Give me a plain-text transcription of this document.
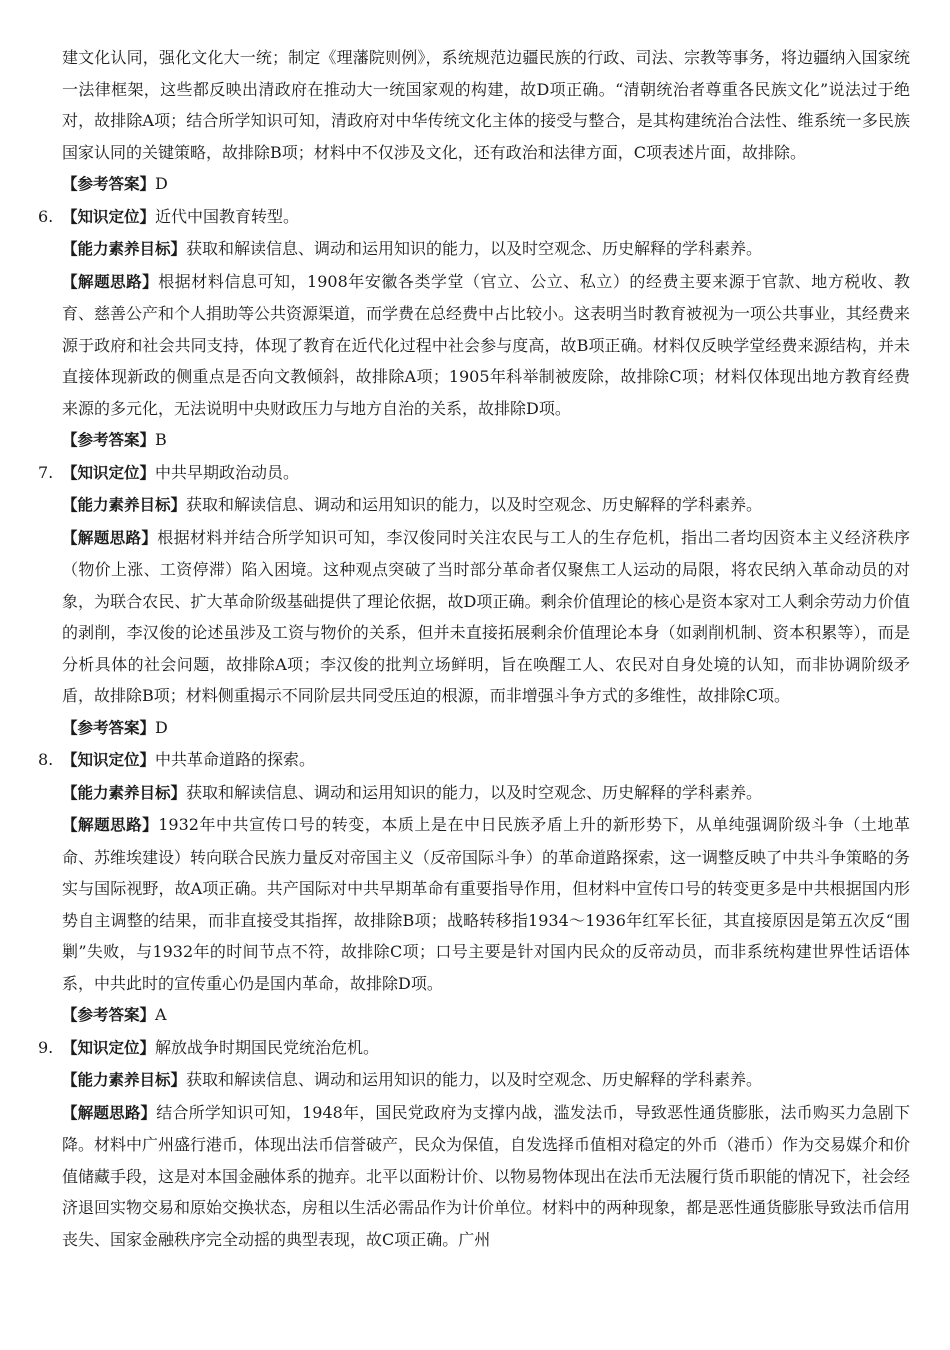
建文化认同，强化文化大一统；制定《理藩院则例》，系统规范边疆民族的行政、司法、宗教等事务，将边疆纳入国家统一法律框架，这些都反映出清政府在推动大一统国家观的构建，故D项正确。“清朝统治者尊重各民族文化”说法过于绝对，故排除A项；结合所学知识可知，清政府对中华传统文化主体的接受与整合，是其构建统治合法性、维系统一多民族国家认同的关键策略，故排除B项；材料中不仅涉及文化，还有政治和法律方面，C项表述片面，故排除。

【参考答案】D

6. 【知识定位】近代中国教育转型。

【能力素养目标】获取和解读信息、调动和运用知识的能力，以及时空观念、历史解释的学科素养。

【解题思路】根据材料信息可知，1908年安徽各类学堂（官立、公立、私立）的经费主要来源于官款、地方税收、教育、慈善公产和个人捐助等公共资源渠道，而学费在总经费中占比较小。这表明当时教育被视为一项公共事业，其经费来源于政府和社会共同支持，体现了教育在近代化过程中社会参与度高，故B项正确。材料仅反映学堂经费来源结构，并未直接体现新政的侧重点是否向文教倾斜，故排除A项；1905年科举制被废除，故排除C项；材料仅体现出地方教育经费来源的多元化，无法说明中央财政压力与地方自治的关系，故排除D项。

【参考答案】B

7. 【知识定位】中共早期政治动员。

【能力素养目标】获取和解读信息、调动和运用知识的能力，以及时空观念、历史解释的学科素养。

【解题思路】根据材料并结合所学知识可知，李汉俊同时关注农民与工人的生存危机，指出二者均因资本主义经济秩序（物价上涨、工资停滞）陷入困境。这种观点突破了当时部分革命者仅聚焦工人运动的局限，将农民纳入革命动员的对象，为联合农民、扩大革命阶级基础提供了理论依据，故D项正确。剩余价值理论的核心是资本家对工人剩余劳动力价值的剥削，李汉俊的论述虽涉及工资与物价的关系，但并未直接拓展剩余价值理论本身（如剥削机制、资本积累等），而是分析具体的社会问题，故排除A项；李汉俊的批判立场鲜明，旨在唤醒工人、农民对自身处境的认知，而非协调阶级矛盾，故排除B项；材料侧重揭示不同阶层共同受压迫的根源，而非增强斗争方式的多维性，故排除C项。

【参考答案】D

8. 【知识定位】中共革命道路的探索。

【能力素养目标】获取和解读信息、调动和运用知识的能力，以及时空观念、历史解释的学科素养。

【解题思路】1932年中共宣传口号的转变，本质上是在中日民族矛盾上升的新形势下，从单纯强调阶级斗争（土地革命、苏维埃建设）转向联合民族力量反对帝国主义（反帝国际斗争）的革命道路探索，这一调整反映了中共斗争策略的务实与国际视野，故A项正确。共产国际对中共早期革命有重要指导作用，但材料中宣传口号的转变更多是中共根据国内形势自主调整的结果，而非直接受其指挥，故排除B项；战略转移指1934～1936年红军长征，其直接原因是第五次反“围剿”失败，与1932年的时间节点不符，故排除C项；口号主要是针对国内民众的反帝动员，而非系统构建世界性话语体系，中共此时的宣传重心仍是国内革命，故排除D项。

【参考答案】A

9. 【知识定位】解放战争时期国民党统治危机。

【能力素养目标】获取和解读信息、调动和运用知识的能力，以及时空观念、历史解释的学科素养。

【解题思路】结合所学知识可知，1948年，国民党政府为支撑内战，滥发法币，导致恶性通货膨胀，法币购买力急剧下降。材料中广州盛行港币，体现出法币信誉破产，民众为保值，自发选择币值相对稳定的外币（港币）作为交易媒介和价值储藏手段，这是对本国金融体系的抛弃。北平以面粉计价、以物易物体现出在法币无法履行货币职能的情况下，社会经济退回实物交易和原始交换状态，房租以生活必需品作为计价单位。材料中的两种现象，都是恶性通货膨胀导致法币信用丧失、国家金融秩序完全动摇的典型表现，故C项正确。广州
